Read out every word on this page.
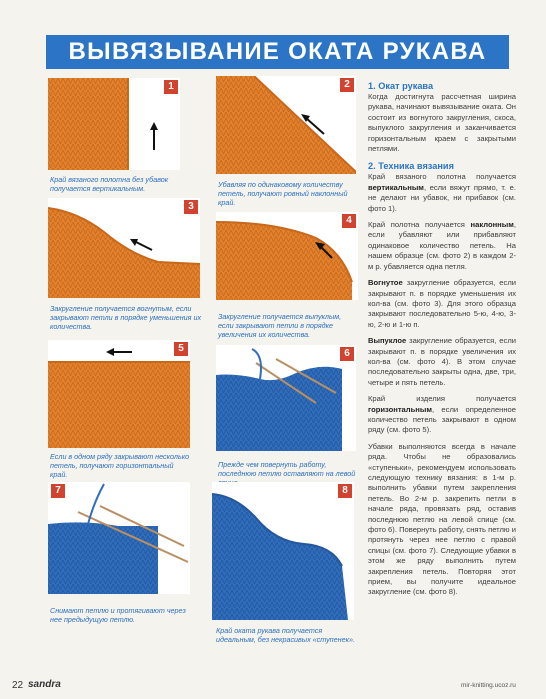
ВЫВЯЗЫВАНИЕ ОКАТА РУКАВА
1
Край вязаного полотна без убавок получается вертикальным.
2
Убавляя по одинаковому количеству петель, получают ровный наклонный край.
3
Закругление получается вогнутым, если закрывают петли в порядке уменьшения их количества.
4
Закругление получается выпуклым, если закрывают петли в порядке увеличения их количества.
5
Если в одном ряду закрывают несколько петель, получают горизонтальный край.
6
Прежде чем повернуть работу, последнюю петлю оставляют на левой
7
Снимают петлю и протягивают через нее предыдущую петлю.
8
Край оката рукава получается идеальным, без некрасивых «ступенек».
1. Окат рукава

Когда достигнута рассчетная ширина рукава, начинают вывязывание оката. Он состоит из вогнутого закругления, скоса, выпуклого закругления и заканчивается горизонтальным краем с закрытыми петлями.

2. Техника вязания

Край вязаного полотна получается вертикальным, если вяжут прямо, т. е. не делают ни убавок, ни прибавок (см. фото 1).

Край полотна получается наклонным, если убавляют или прибавляют одинаковое количество петель. На нашем образце (см. фото 2) в каждом 2-м р. убавляется одна петля.

Вогнутое закругление образуется, если закрывают п. в порядке уменьшения их кол-ва (см. фото 3). Для этого образца закрывают последовательно 5-ю, 4-ю, 3-ю, 2-ю и 1-ю п.

Выпуклое закругление образуется, если закрывают п. в порядке увеличения их кол-ва (см. фото 4). В этом случае последовательно закрыты одна, две, три, четыре и пять петель.

Край изделия получается горизонтальным, если определенное количество петель закрывают в одном ряду (см. фото 5).

Убавки выполняются всегда в начале ряда. Чтобы не образовались «ступеньки», рекомендуем использовать следующую технику вязания: в 1-м р. выполнить убавки путем закрепления петель. Во 2-м р. закрепить петли в начале ряда, провязать ряд, оставив последнюю петлю на левой спице (см. фото 6). Повернуть работу, снять петлю и протянуть через нее петлю с правой спицы (см. фото 7). Следующие убавки в этом же ряду выполнить путем закрепления петель. Повторяя этот прием, вы получите идеальное закругление (см. фото 8).

22 sandra	mir-knitting.ucoz.ru
